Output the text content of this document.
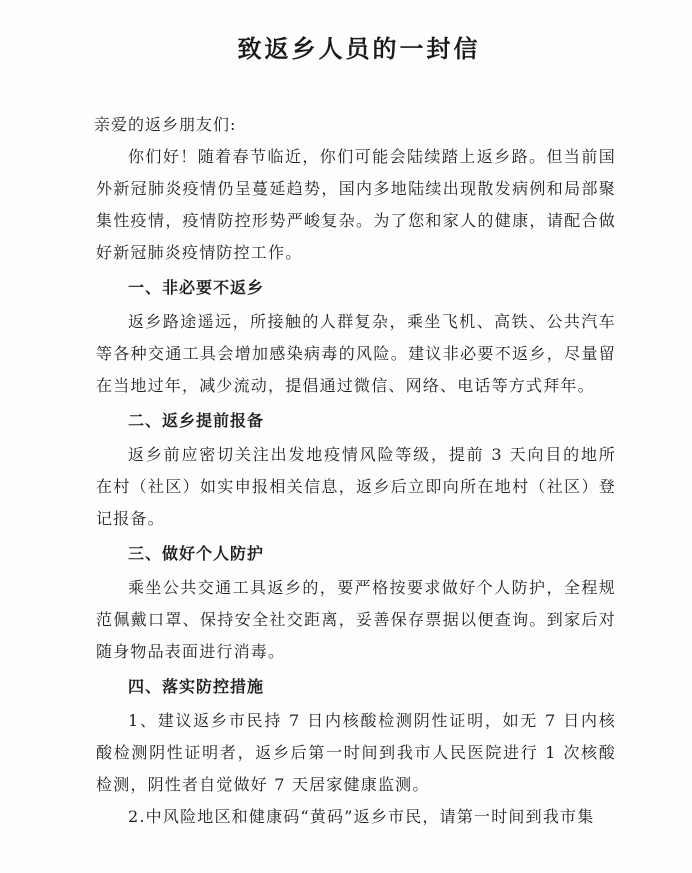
致返乡人员的一封信

亲爱的返乡朋友们:

你们好！随着春节临近，你们可能会陆续踏上返乡路。但当前国外新冠肺炎疫情仍呈蔓延趋势，国内多地陆续出现散发病例和局部聚集性疫情，疫情防控形势严峻复杂。为了您和家人的健康，请配合做好新冠肺炎疫情防控工作。

一、非必要不返乡

返乡路途遥远，所接触的人群复杂，乘坐飞机、高铁、公共汽车等各种交通工具会增加感染病毒的风险。建议非必要不返乡，尽量留在当地过年，减少流动，提倡通过微信、网络、电话等方式拜年。

二、返乡提前报备

返乡前应密切关注出发地疫情风险等级，提前 3 天向目的地所在村（社区）如实申报相关信息，返乡后立即向所在地村（社区）登记报备。

三、做好个人防护

乘坐公共交通工具返乡的，要严格按要求做好个人防护，全程规范佩戴口罩、保持安全社交距离，妥善保存票据以便查询。到家后对随身物品表面进行消毒。

四、落实防控措施

1、建议返乡市民持 7 日内核酸检测阴性证明，如无 7 日内核酸检测阴性证明者，返乡后第一时间到我市人民医院进行 1 次核酸检测，阴性者自觉做好 7 天居家健康监测。

2.中风险地区和健康码“黄码”返乡市民，请第一时间到我市集
